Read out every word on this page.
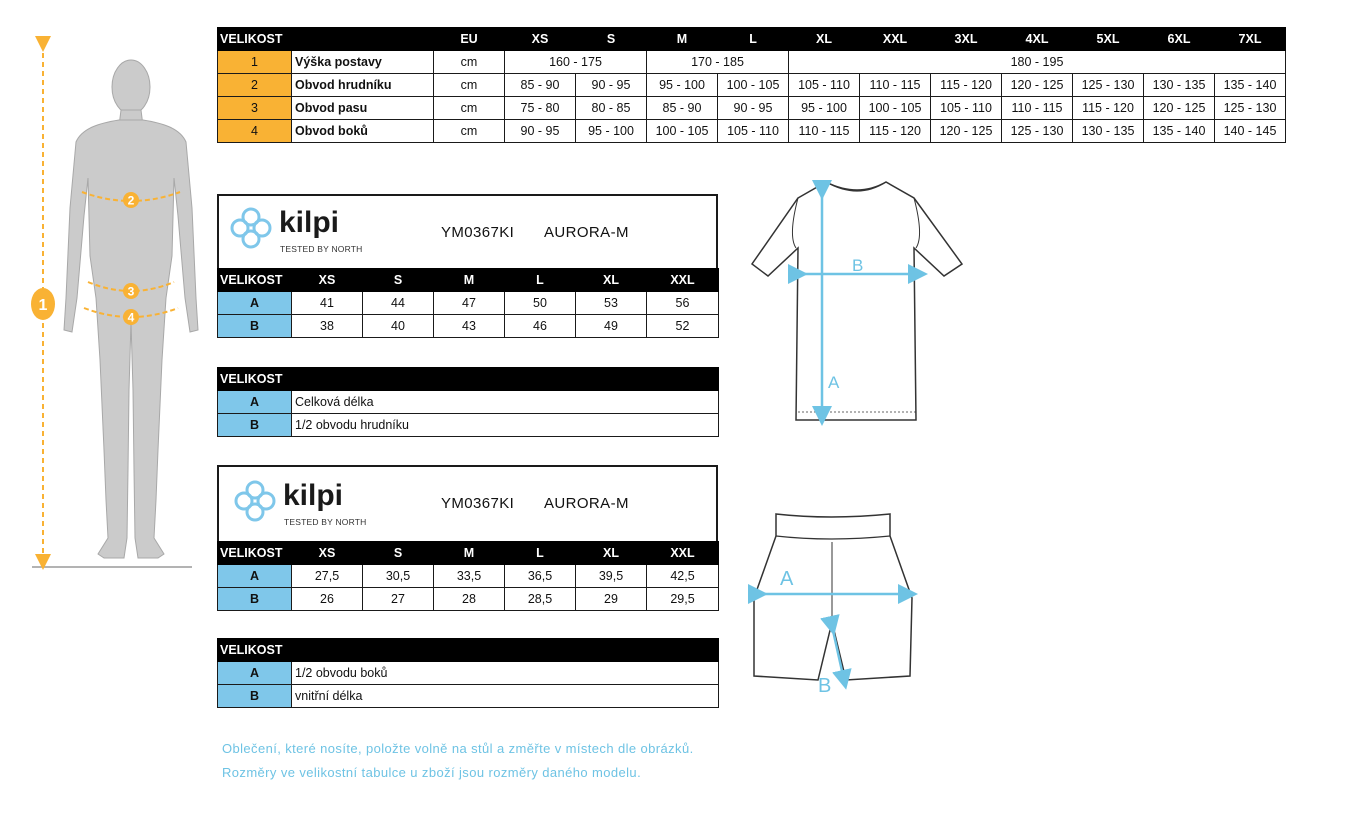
2
3
4
1
VELIKOST		EU	XS	S	M	L	XL	XXL	3XL	4XL	5XL	6XL	7XL
1	Výška postavy	cm	160 - 175		170 - 185		180 - 195						
2	Obvod hrudníku	cm	85 - 90	90 - 95	95 - 100	100 - 105	105 - 110	110 - 115	115 - 120	120 - 125	125 - 130	130 - 135	135 - 140
3	Obvod pasu	cm	75 - 80	80 - 85	85 - 90	90 - 95	95 - 100	100 - 105	105 - 110	110 - 115	115 - 120	120 - 125	125 - 130
4	Obvod boků	cm	90 - 95	95 - 100	100 - 105	105 - 110	110 - 115	115 - 120	120 - 125	125 - 130	130 - 135	135 - 140	140 - 145
kilpi
TESTED BY NORTH
YM0367KI AURORA-M
VELIKOST	XS	S	M	L	XL	XXL
A	41	44	47	50	53	56
B	38	40	43	46	49	52
VELIKOST	
A	Celková délka
B	1/2 obvodu hrudníku
B
A
kilpi
TESTED BY NORTH
YM0367KI AURORA-M
VELIKOST	XS	S	M	L	XL	XXL
A	27,5	30,5	33,5	36,5	39,5	42,5
B	26	27	28	28,5	29	29,5
VELIKOST	
A	1/2 obvodu boků
B	vnitřní délka
A
B
Oblečení, které nosíte, položte volně na stůl a změřte v místech dle obrázků.
Rozměry ve velikostní tabulce u zboží jsou rozměry daného modelu.
